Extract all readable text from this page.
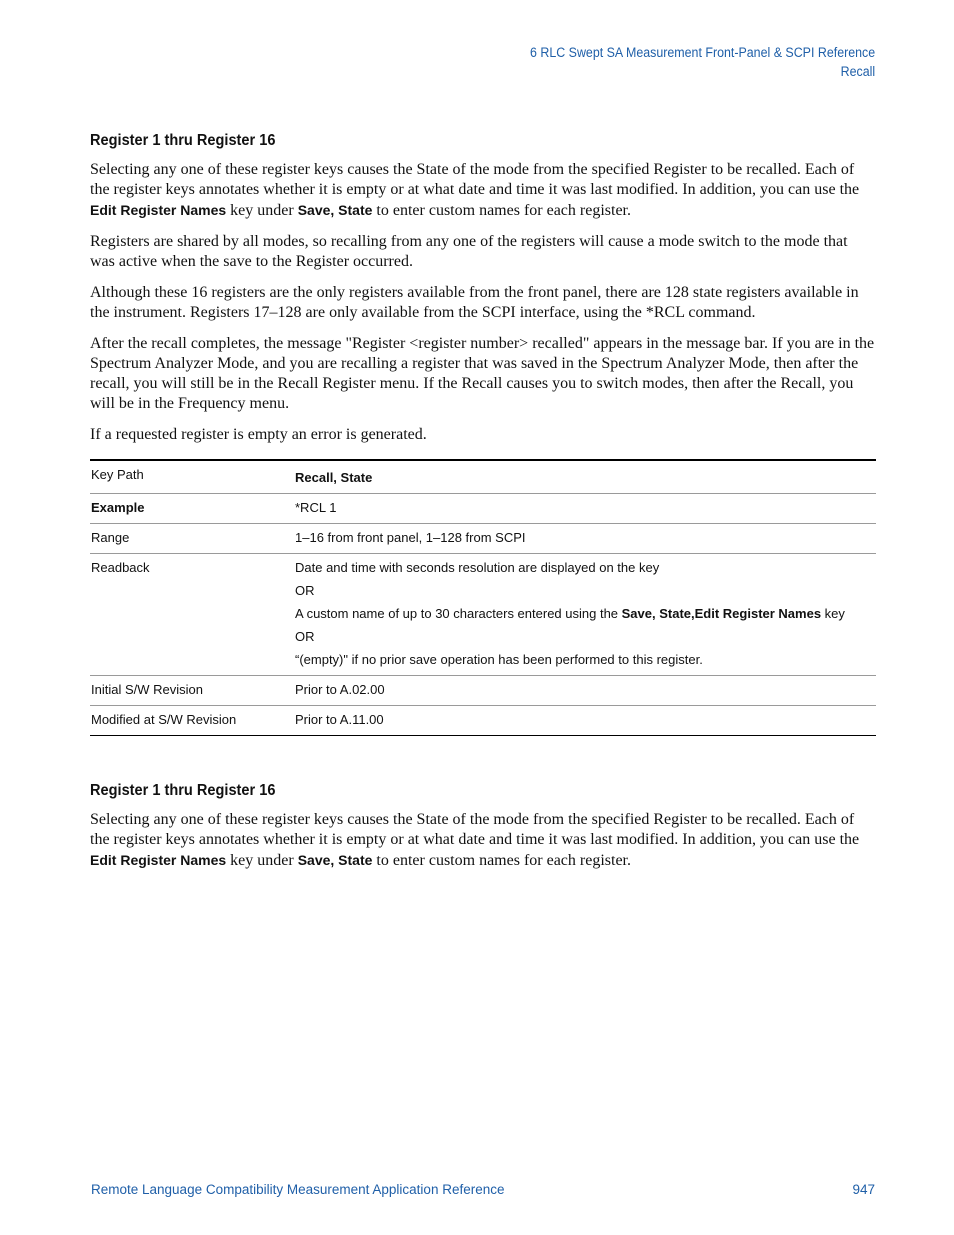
6 RLC Swept SA Measurement Front-Panel & SCPI Reference
Recall
Register 1 thru Register 16

Selecting any one of these register keys causes the State of the mode from the specified Register to be recalled. Each of the register keys annotates whether it is empty or at what date and time it was last modified. In addition, you can use the Edit Register Names key under Save, State to enter custom names for each register.

Registers are shared by all modes, so recalling from any one of the registers will cause a mode switch to the mode that was active when the save to the Register occurred.

Although these 16 registers are the only registers available from the front panel, there are 128 state registers available in the instrument. Registers 17–128 are only available from the SCPI interface, using the *RCL command.

After the recall completes, the message "Register <register number> recalled" appears in the message bar. If you are in the Spectrum Analyzer Mode, and you are recalling a register that was saved in the Spectrum Analyzer Mode, then after the recall, you will still be in the Recall Register menu. If the Recall causes you to switch modes, then after the Recall, you will be in the Frequency menu.

If a requested register is empty an error is generated.

Key Path	Recall, State
Example	*RCL 1
Range	1–16 from front panel, 1–128 from SCPI
Readback	Date and time with seconds resolution are displayed on the key
OR
A custom name of up to 30 characters entered using the Save, State,Edit Register Names key
OR
“(empty)" if no prior save operation has been performed to this register.

Initial S/W Revision	Prior to A.02.00
Modified at S/W Revision	Prior to A.11.00
Register 1 thru Register 16

Selecting any one of these register keys causes the State of the mode from the specified Register to be recalled. Each of the register keys annotates whether it is empty or at what date and time it was last modified. In addition, you can use the Edit Register Names key under Save, State to enter custom names for each register.

Remote Language Compatibility Measurement Application Reference	947
